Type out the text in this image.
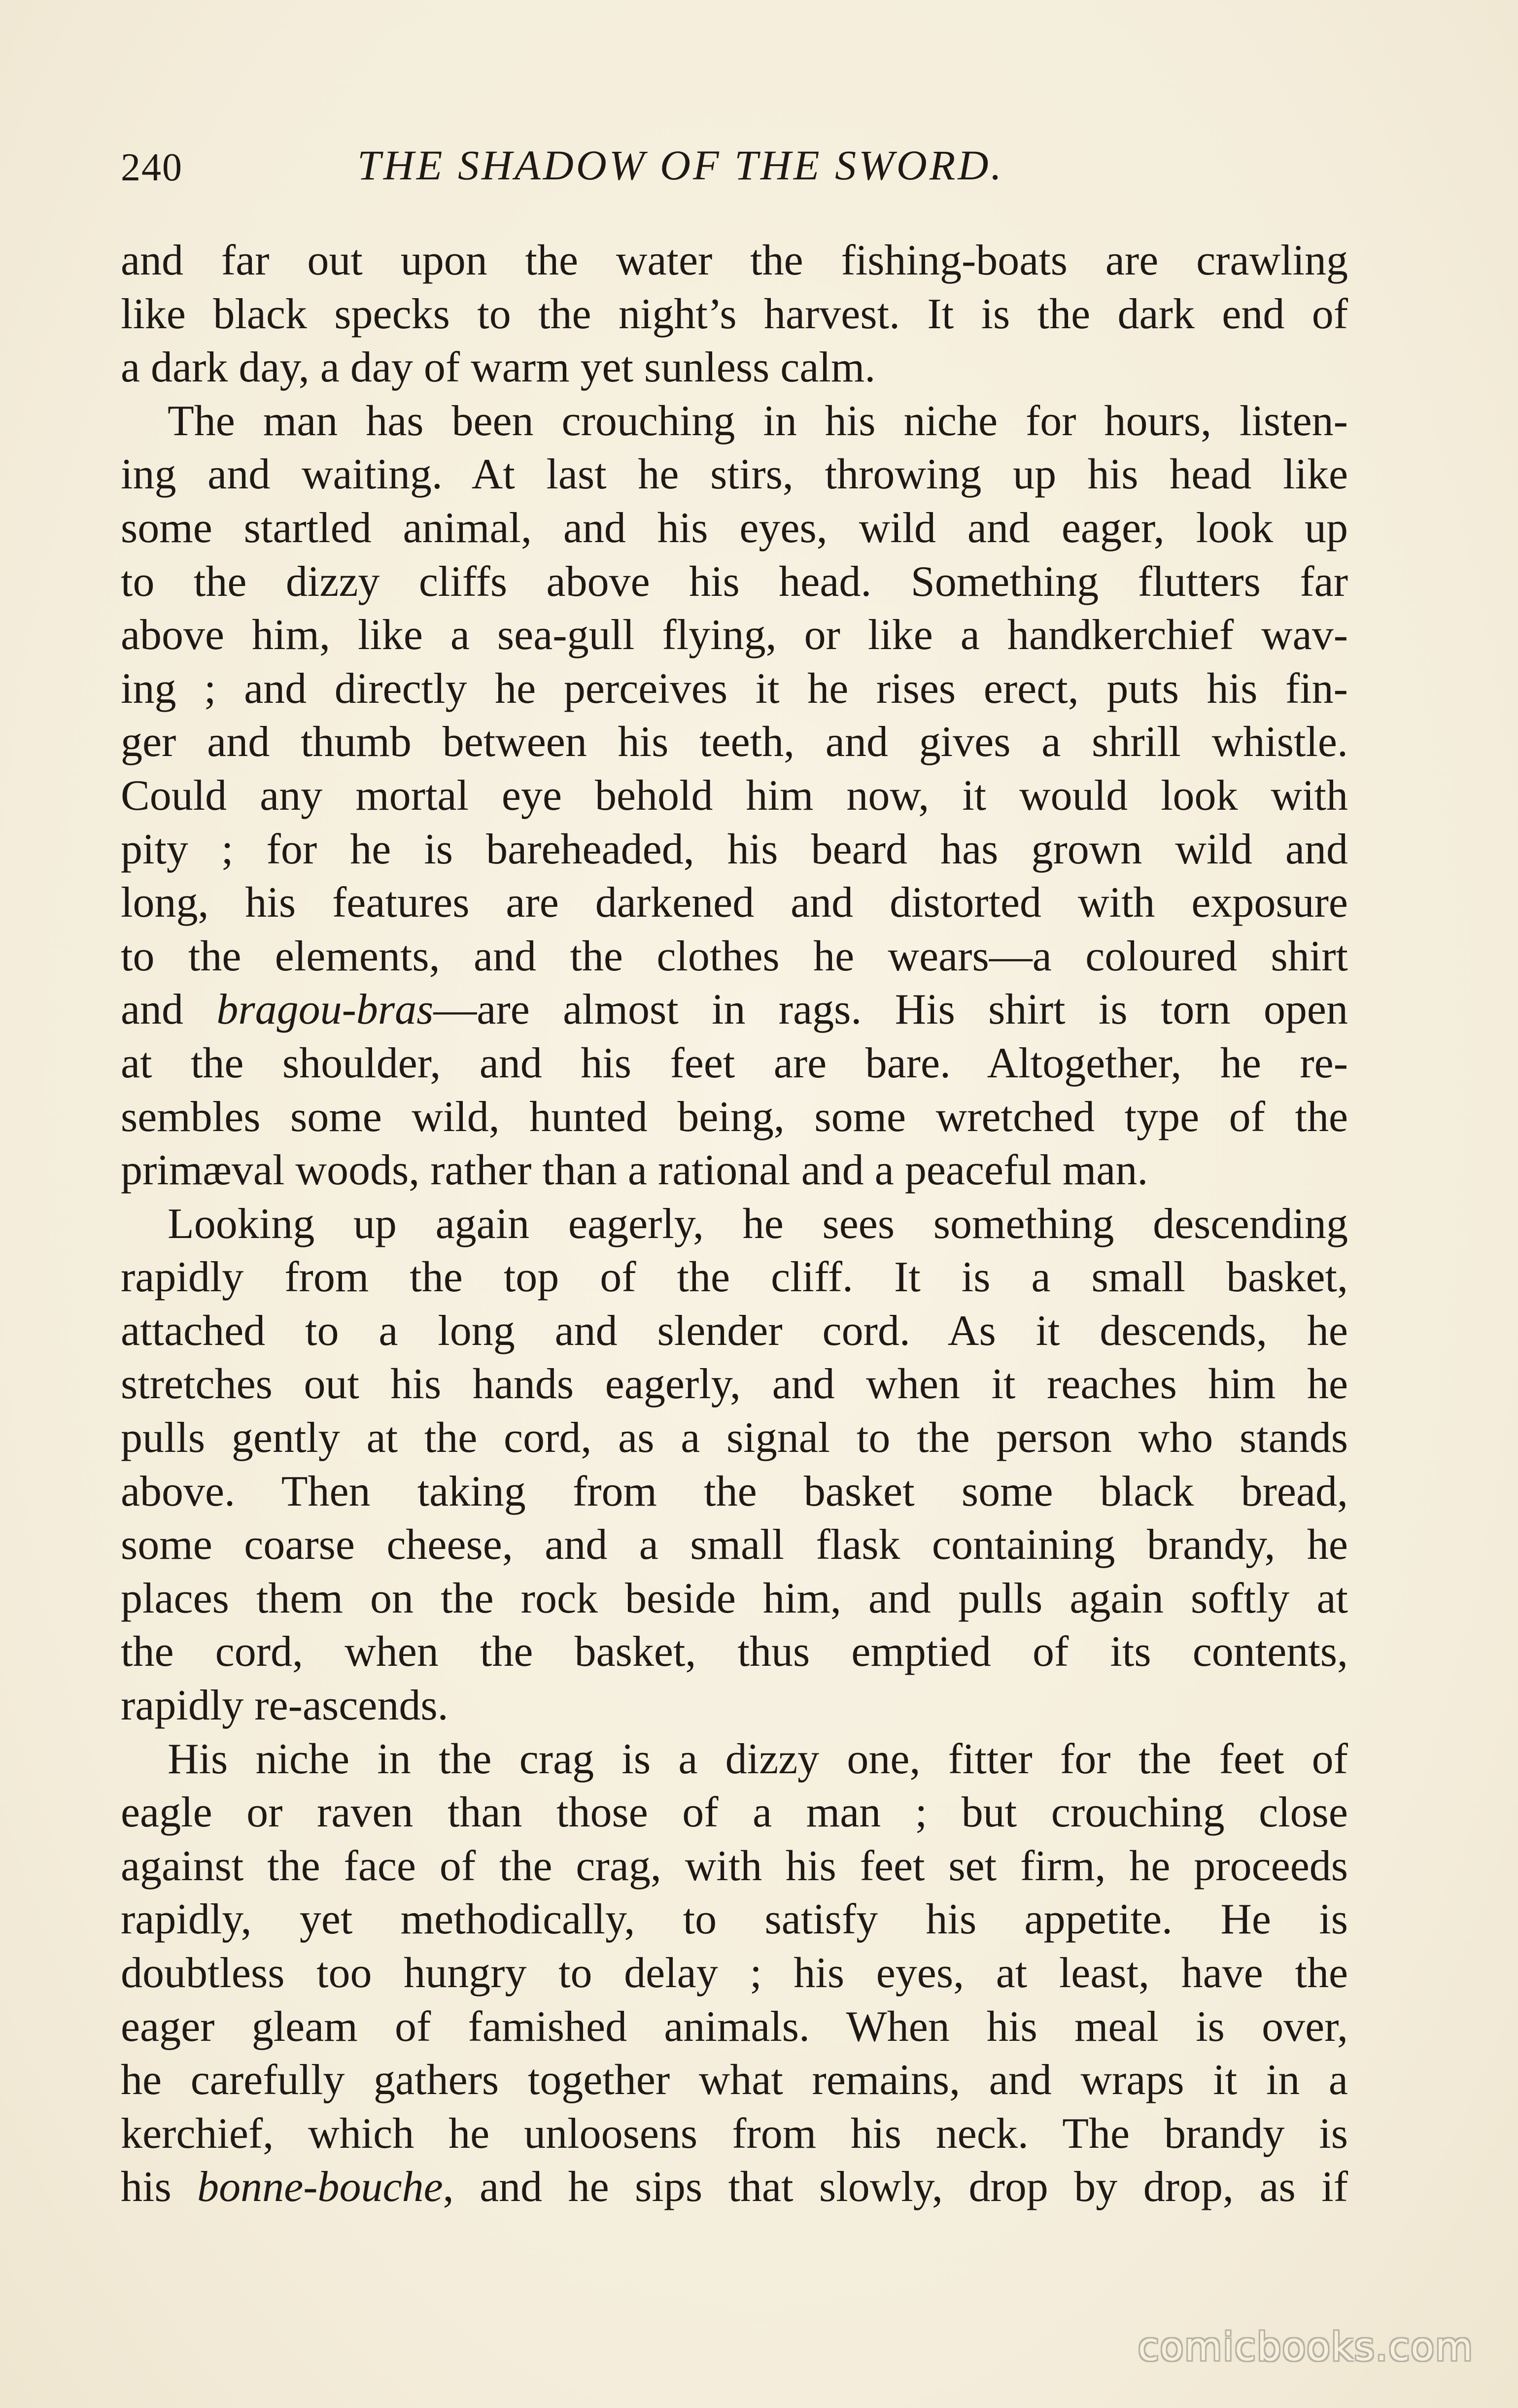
240	THE SHADOW OF THE SWORD.
and far out upon the water the fishing-boats are crawling
like black specks to the night’s harvest. It is the dark end of
a dark day, a day of warm yet sunless calm.
The man has been crouching in his niche for hours, listen-
ing and waiting. At last he stirs, throwing up his head like
some startled animal, and his eyes, wild and eager, look up
to the dizzy cliffs above his head. Something flutters far
above him, like a sea-gull flying, or like a handkerchief wav-
ing ; and directly he perceives it he rises erect, puts his fin-
ger and thumb between his teeth, and gives a shrill whistle.
Could any mortal eye behold him now, it would look with
pity ; for he is bareheaded, his beard has grown wild and
long, his features are darkened and distorted with exposure
to the elements, and the clothes he wears—a coloured shirt
and bragou-bras—are almost in rags. His shirt is torn open
at the shoulder, and his feet are bare. Altogether, he re-
sembles some wild, hunted being, some wretched type of the
primæval woods, rather than a rational and a peaceful man.
Looking up again eagerly, he sees something descending
rapidly from the top of the cliff. It is a small basket,
attached to a long and slender cord. As it descends, he
stretches out his hands eagerly, and when it reaches him he
pulls gently at the cord, as a signal to the person who stands
above. Then taking from the basket some black bread,
some coarse cheese, and a small flask containing brandy, he
places them on the rock beside him, and pulls again softly at
the cord, when the basket, thus emptied of its contents,
rapidly re-ascends.
His niche in the crag is a dizzy one, fitter for the feet of
eagle or raven than those of a man ; but crouching close
against the face of the crag, with his feet set firm, he proceeds
rapidly, yet methodically, to satisfy his appetite. He is
doubtless too hungry to delay ; his eyes, at least, have the
eager gleam of famished animals. When his meal is over,
he carefully gathers together what remains, and wraps it in a
kerchief, which he unloosens from his neck. The brandy is
his bonne-bouche, and he sips that slowly, drop by drop, as if
comicbooks.com
